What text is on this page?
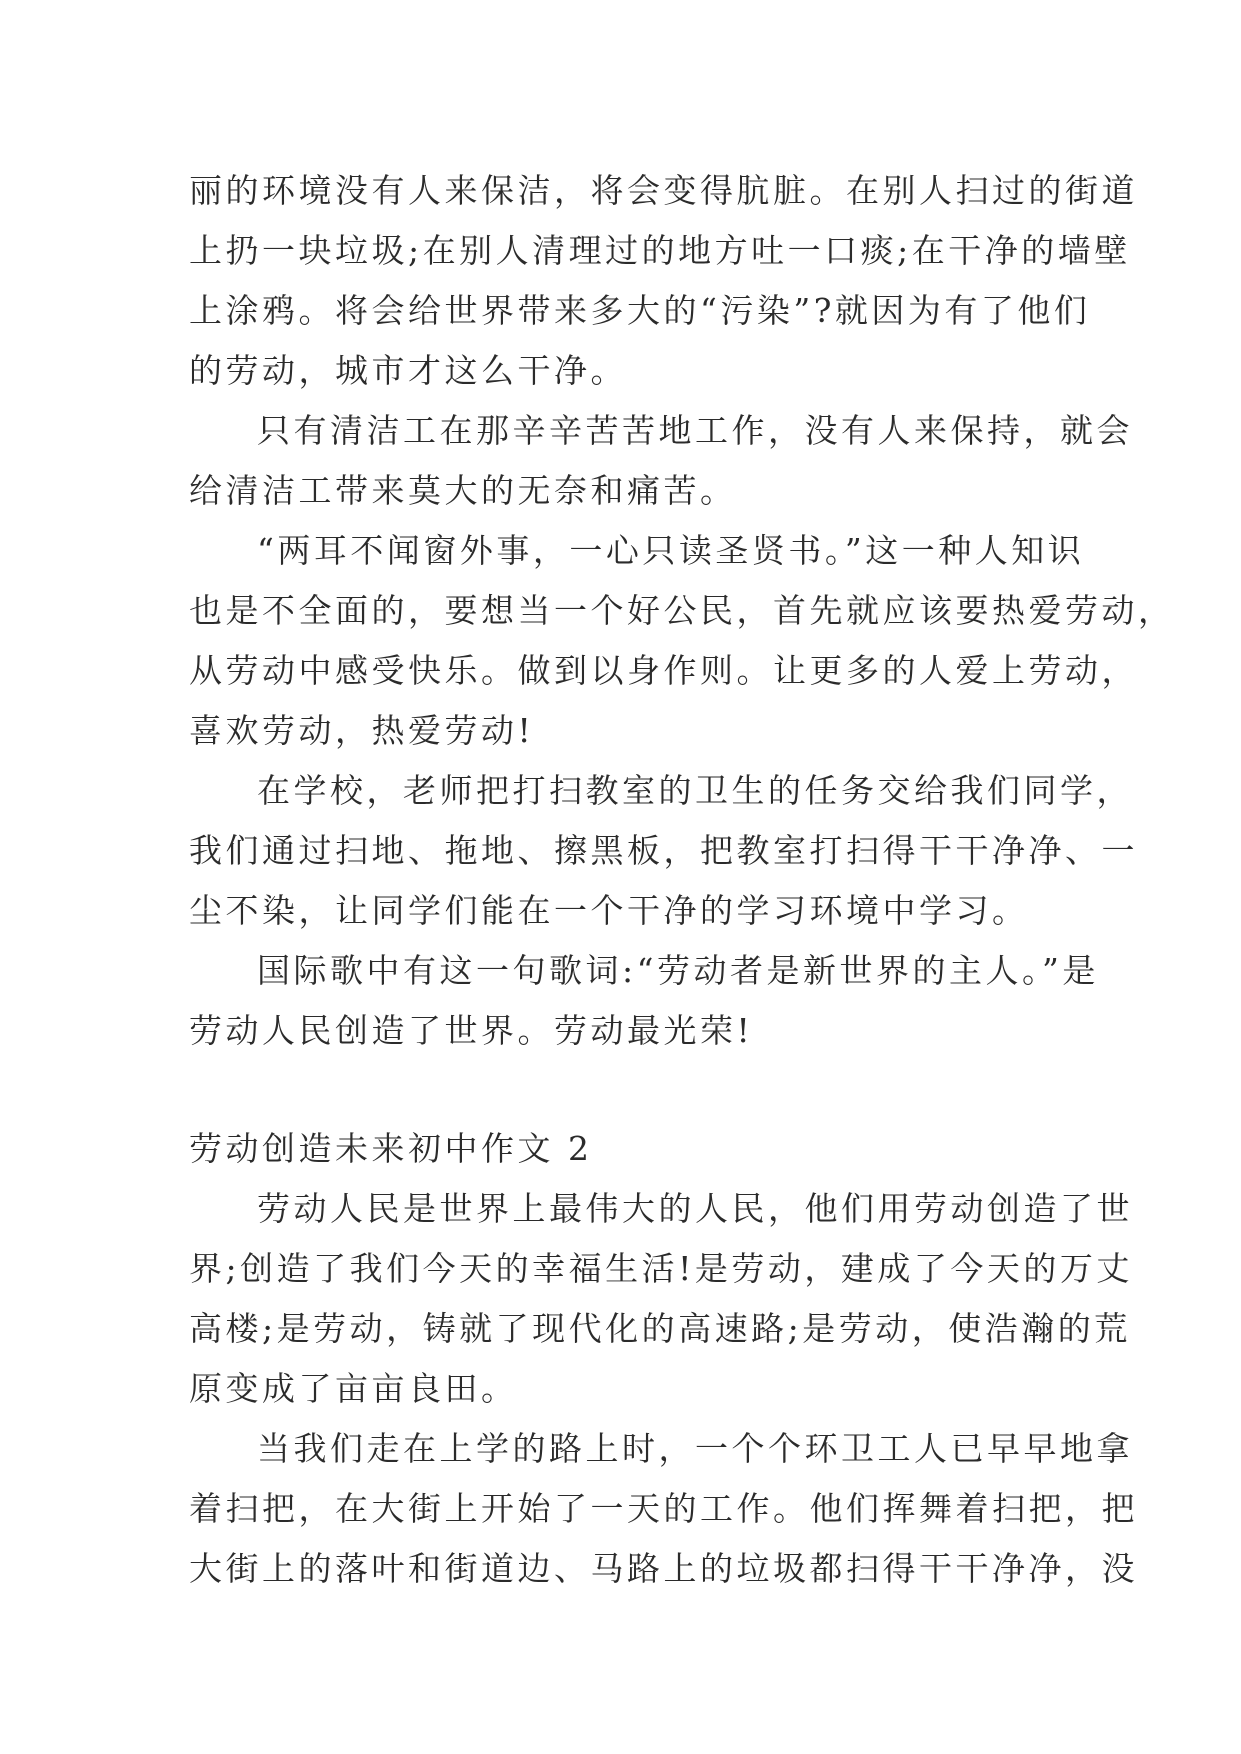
丽的环境没有人来保洁，将会变得肮脏。在别人扫过的街道
上扔一块垃圾;在别人清理过的地方吐一口痰;在干净的墙壁
上涂鸦。将会给世界带来多大的“污染”?就因为有了他们
的劳动，城市才这么干净。
只有清洁工在那辛辛苦苦地工作，没有人来保持，就会
给清洁工带来莫大的无奈和痛苦。
“两耳不闻窗外事，一心只读圣贤书。”这一种人知识
也是不全面的，要想当一个好公民，首先就应该要热爱劳动，
从劳动中感受快乐。做到以身作则。让更多的人爱上劳动，
喜欢劳动，热爱劳动!
在学校，老师把打扫教室的卫生的任务交给我们同学，
我们通过扫地、拖地、擦黑板，把教室打扫得干干净净、一
尘不染，让同学们能在一个干净的学习环境中学习。
国际歌中有这一句歌词:“劳动者是新世界的主人。”是
劳动人民创造了世界。劳动最光荣!
劳动创造未来初中作文 2
劳动人民是世界上最伟大的人民，他们用劳动创造了世
界;创造了我们今天的幸福生活!是劳动，建成了今天的万丈
高楼;是劳动，铸就了现代化的高速路;是劳动，使浩瀚的荒
原变成了亩亩良田。
当我们走在上学的路上时，一个个环卫工人已早早地拿
着扫把，在大街上开始了一天的工作。他们挥舞着扫把，把
大街上的落叶和街道边、马路上的垃圾都扫得干干净净，没
